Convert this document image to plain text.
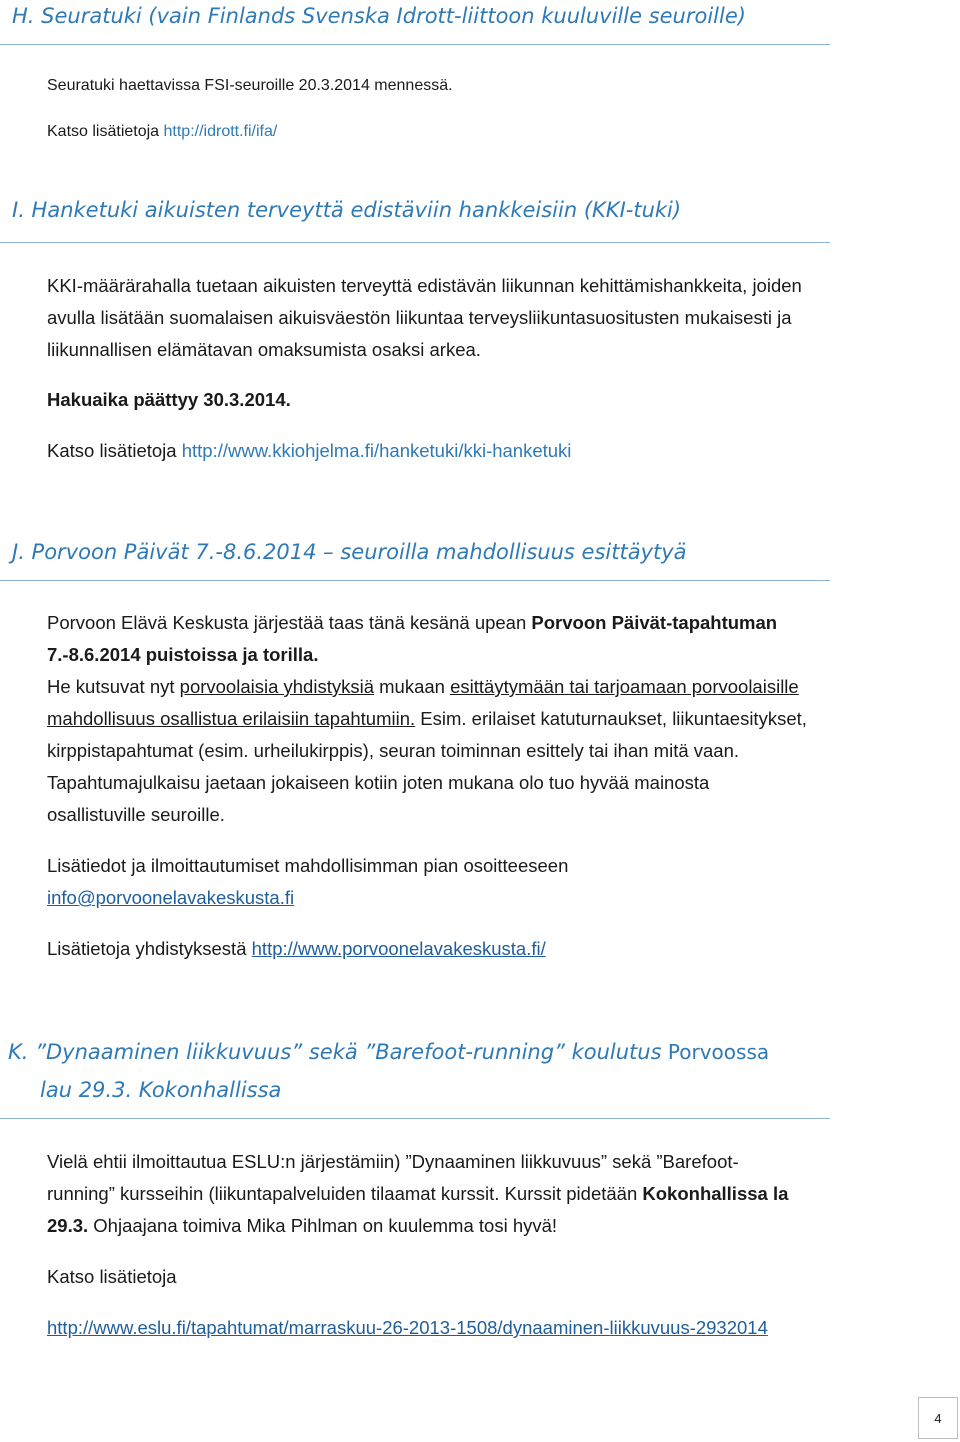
H. Seuratuki (vain Finlands Svenska Idrott-liittoon kuuluville seuroille)

Seuratuki haettavissa FSI-seuroille 20.3.2014 mennessä.

Katso lisätietoja http://idrott.fi/ifa/

I. Hanketuki aikuisten terveyttä edistäviin hankkeisiin (KKI-tuki)

KKI-määrärahalla tuetaan aikuisten terveyttä edistävän liikunnan kehittämishankkeita, joiden

avulla lisätään suomalaisen aikuisväestön liikuntaa terveysliikuntasuositusten mukaisesti ja

liikunnallisen elämätavan omaksumista osaksi arkea.

Hakuaika päättyy 30.3.2014.

Katso lisätietoja http://www.kkiohjelma.fi/hanketuki/kki-hanketuki

J. Porvoon Päivät 7.-8.6.2014 – seuroilla mahdollisuus esittäytyä

Porvoon Elävä Keskusta järjestää taas tänä kesänä upean Porvoon Päivät-tapahtuman

7.-8.6.2014 puistoissa ja torilla.

He kutsuvat nyt porvoolaisia yhdistyksiä mukaan esittäytymään tai tarjoamaan porvoolaisille

mahdollisuus osallistua erilaisiin tapahtumiin. Esim. erilaiset katuturnaukset, liikuntaesitykset,

kirppistapahtumat (esim. urheilukirppis), seuran toiminnan esittely tai ihan mitä vaan.

Tapahtumajulkaisu jaetaan jokaiseen kotiin joten mukana olo tuo hyvää mainosta

osallistuville seuroille.

Lisätiedot ja ilmoittautumiset mahdollisimman pian osoitteeseen

info@porvoonelavakeskusta.fi

Lisätietoja yhdistyksestä http://www.porvoonelavakeskusta.fi/

K. ”Dynaaminen liikkuvuus” sekä ”Barefoot-running” koulutus Porvoossa
lau 29.3. Kokonhallissa

Vielä ehtii ilmoittautua ESLU:n järjestämiin) ”Dynaaminen liikkuvuus” sekä ”Barefoot-

running” kursseihin (liikuntapalveluiden tilaamat kurssit. Kurssit pidetään Kokonhallissa la

29.3. Ohjaajana toimiva Mika Pihlman on kuulemma tosi hyvä!

Katso lisätietoja

http://www.eslu.fi/tapahtumat/marraskuu-26-2013-1508/dynaaminen-liikkuvuus-2932014

4
